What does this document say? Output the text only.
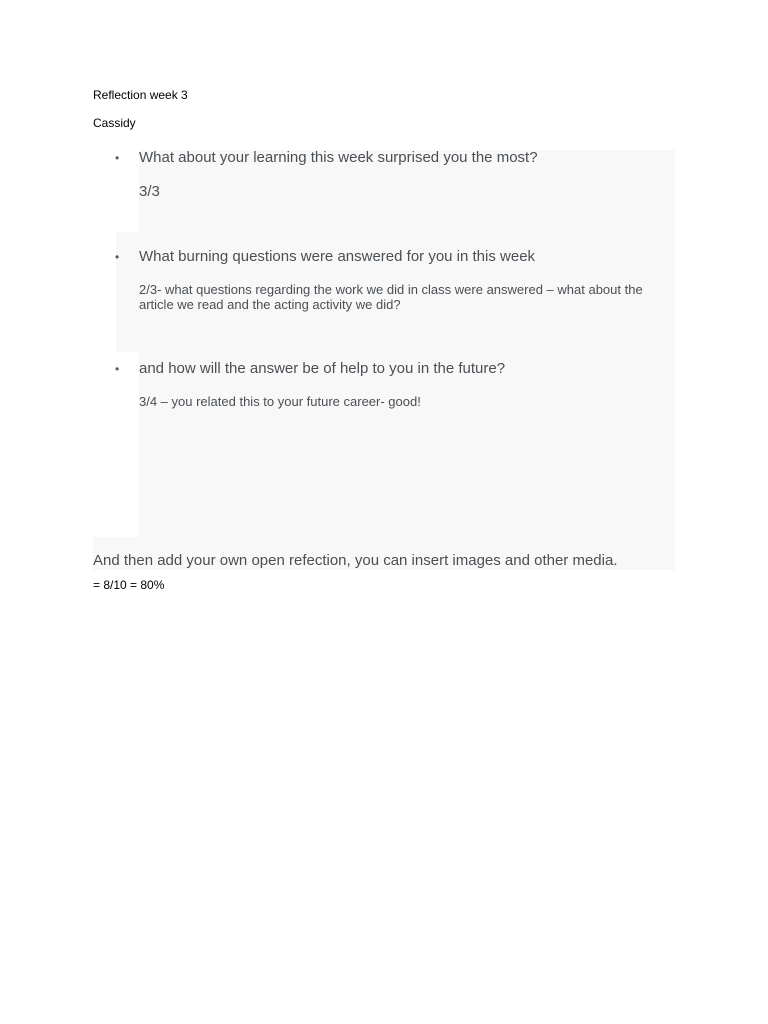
Reflection week 3
Cassidy
• What about your learning this week surprised you the most?
3/3
• What burning questions were answered for you in this week
2/3- what questions regarding the work we did in class were answered – what about the article we read and the acting activity we did?
• and how will the answer be of help to you in the future?
3/4 – you related this to your future career- good!
And then add your own open refection, you can insert images and other media.
= 8/10 = 80%
